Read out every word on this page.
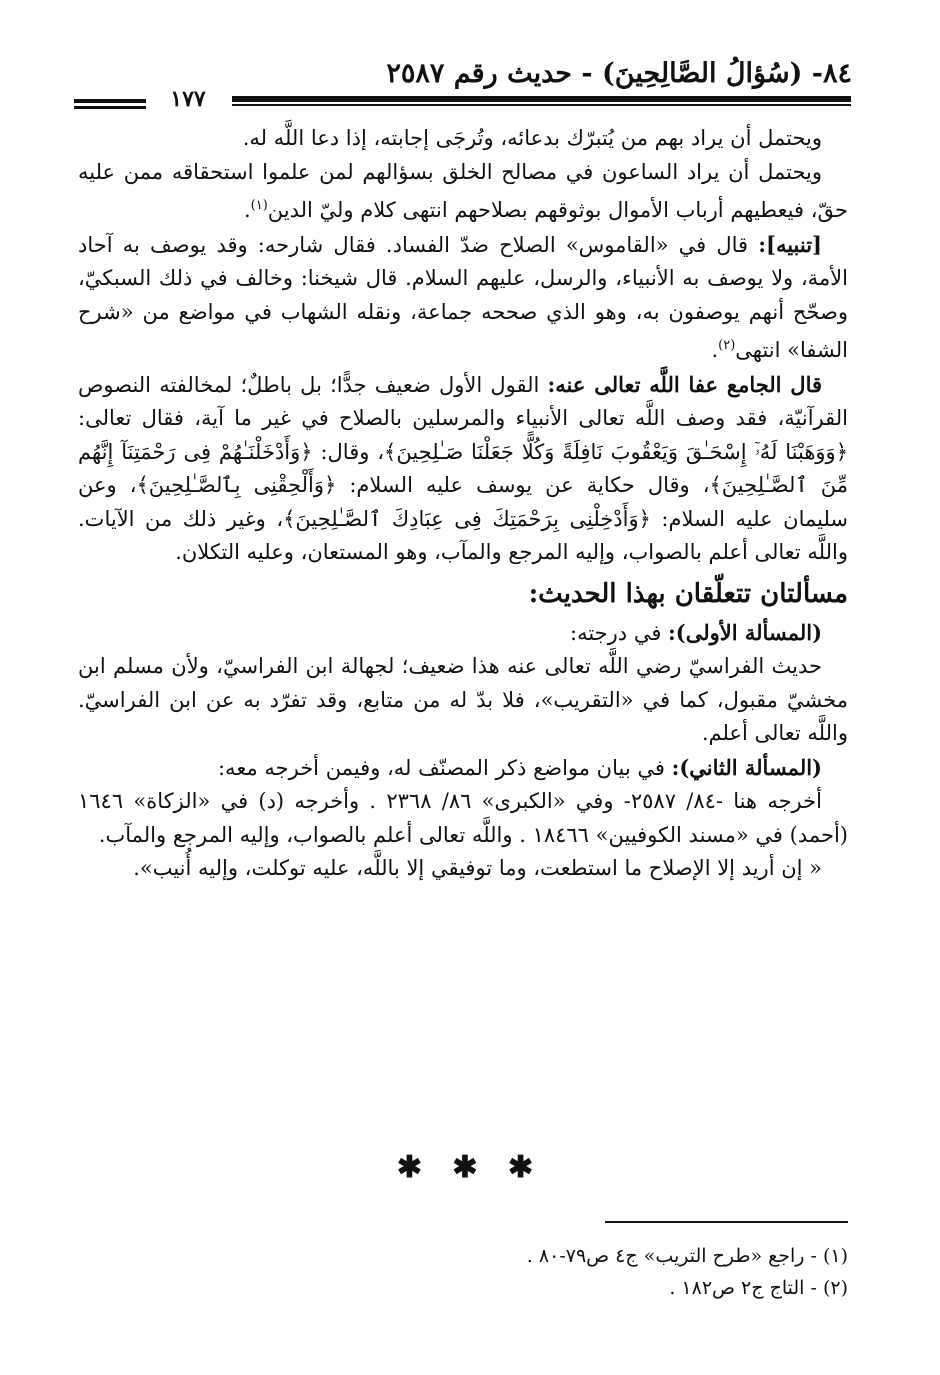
٨٤- (سُؤالُ الصَّالِحِينَ) - حديث رقم ٢٥٨٧
١٧٧

ويحتمل أن يراد بهم من يُتبرّك بدعائه، وتُرجَى إجابته، إذا دعا اللَّه له.

ويحتمل أن يراد الساعون في مصالح الخلق بسؤالهم لمن علموا استحقاقه ممن عليه حقّ، فيعطيهم أرباب الأموال بوثوقهم بصلاحهم انتهى كلام وليّ الدين$^{(١)}$.

[تنبيه]: قال في «القاموس» الصلاح ضدّ الفساد. فقال شارحه: وقد يوصف به آحاد الأمة، ولا يوصف به الأنبياء، والرسل، عليهم السلام. قال شيخنا: وخالف في ذلك السبكيّ، وصحّح أنهم يوصفون به، وهو الذي صححه جماعة، ونقله الشهاب في مواضع من «شرح الشفا» انتهى$^{(٢)}$.

قال الجامع عفا اللَّه تعالى عنه: القول الأول ضعيف جدًّا؛ بل باطلٌ؛ لمخالفته النصوص القرآنيّة، فقد وصف اللَّه تعالى الأنبياء والمرسلين بالصلاح في غير ما آية، فقال تعالى: ﴿وَوَهَبْنَا لَهُۥٓ إِسْحَـٰقَ وَيَعْقُوبَ نَافِلَةً وَكُلًّا جَعَلْنَا صَـٰلِحِينَ﴾، وقال: ﴿وَأَدْخَلْنَـٰهُمْ فِى رَحْمَتِنَآ إِنَّهُم مِّنَ ٱلصَّـٰلِحِينَ﴾، وقال حكاية عن يوسف عليه السلام: ﴿وَأَلْحِقْنِى بِٱلصَّـٰلِحِينَ﴾، وعن سليمان عليه السلام: ﴿وَأَدْخِلْنِى بِرَحْمَتِكَ فِى عِبَادِكَ ٱلصَّـٰلِحِينَ﴾، وغير ذلك من الآيات. واللَّه تعالى أعلم بالصواب، وإليه المرجع والمآب، وهو المستعان، وعليه التكلان.

مسألتان تتعلّقان بهذا الحديث:

(المسألة الأولى): في درجته:

حديث الفراسيّ رضي اللَّه تعالى عنه هذا ضعيف؛ لجهالة ابن الفراسيّ، ولأن مسلم ابن مخشيّ مقبول، كما في «التقريب»، فلا بدّ له من متابع، وقد تفرّد به عن ابن الفراسيّ. واللَّه تعالى أعلم.

(المسألة الثاني): في بيان مواضع ذكر المصنّف له، وفيمن أخرجه معه:

أخرجه هنا -٨٤/ ٢٥٨٧- وفي «الكبرى» ٨٦/ ٢٣٦٨ . وأخرجه (د) في «الزكاة» ١٦٤٦ (أحمد) في «مسند الكوفيين» ١٨٤٦٦ . واللَّه تعالى أعلم بالصواب، وإليه المرجع والمآب.

« إن أريد إلا الإصلاح ما استطعت، وما توفيقي إلا باللَّه، عليه توكلت، وإليه أُنيب».

✱ ✱ ✱
(١) - راجع «طرح التريب» ج٤ ص٧٩-٨٠ .
(٢) - التاج ج٢ ص١٨٢ .
